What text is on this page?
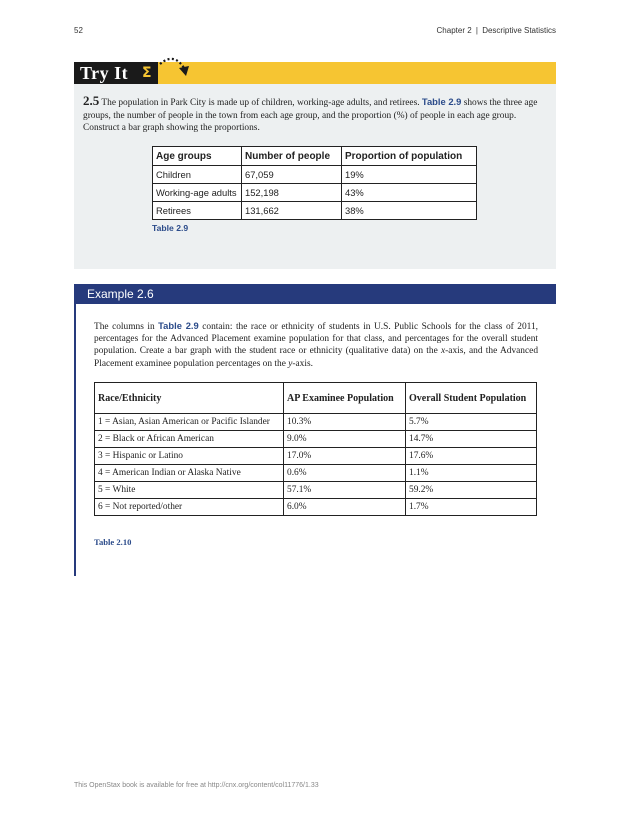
52	Chapter 2 | Descriptive Statistics
Try It Σ
2.5 The population in Park City is made up of children, working-age adults, and retirees. Table 2.9 shows the three age groups, the number of people in the town from each age group, and the proportion (%) of people in each age group. Construct a bar graph showing the proportions.
Age groups	Number of people	Proportion of population
Children	67,059	19%
Working-age adults	152,198	43%
Retirees	131,662	38%
Table 2.9
Example 2.6
The columns in Table 2.9 contain: the race or ethnicity of students in U.S. Public Schools for the class of 2011, percentages for the Advanced Placement examine population for that class, and percentages for the overall student population. Create a bar graph with the student race or ethnicity (qualitative data) on the x-axis, and the Advanced Placement examinee population percentages on the y-axis.
Race/Ethnicity	AP Examinee Population	Overall Student Population
1 = Asian, Asian American or Pacific Islander	10.3%	5.7%
2 = Black or African American	9.0%	14.7%
3 = Hispanic or Latino	17.0%	17.6%
4 = American Indian or Alaska Native	0.6%	1.1%
5 = White	57.1%	59.2%
6 = Not reported/other	6.0%	1.7%
Table 2.10
This OpenStax book is available for free at http://cnx.org/content/col11776/1.33
